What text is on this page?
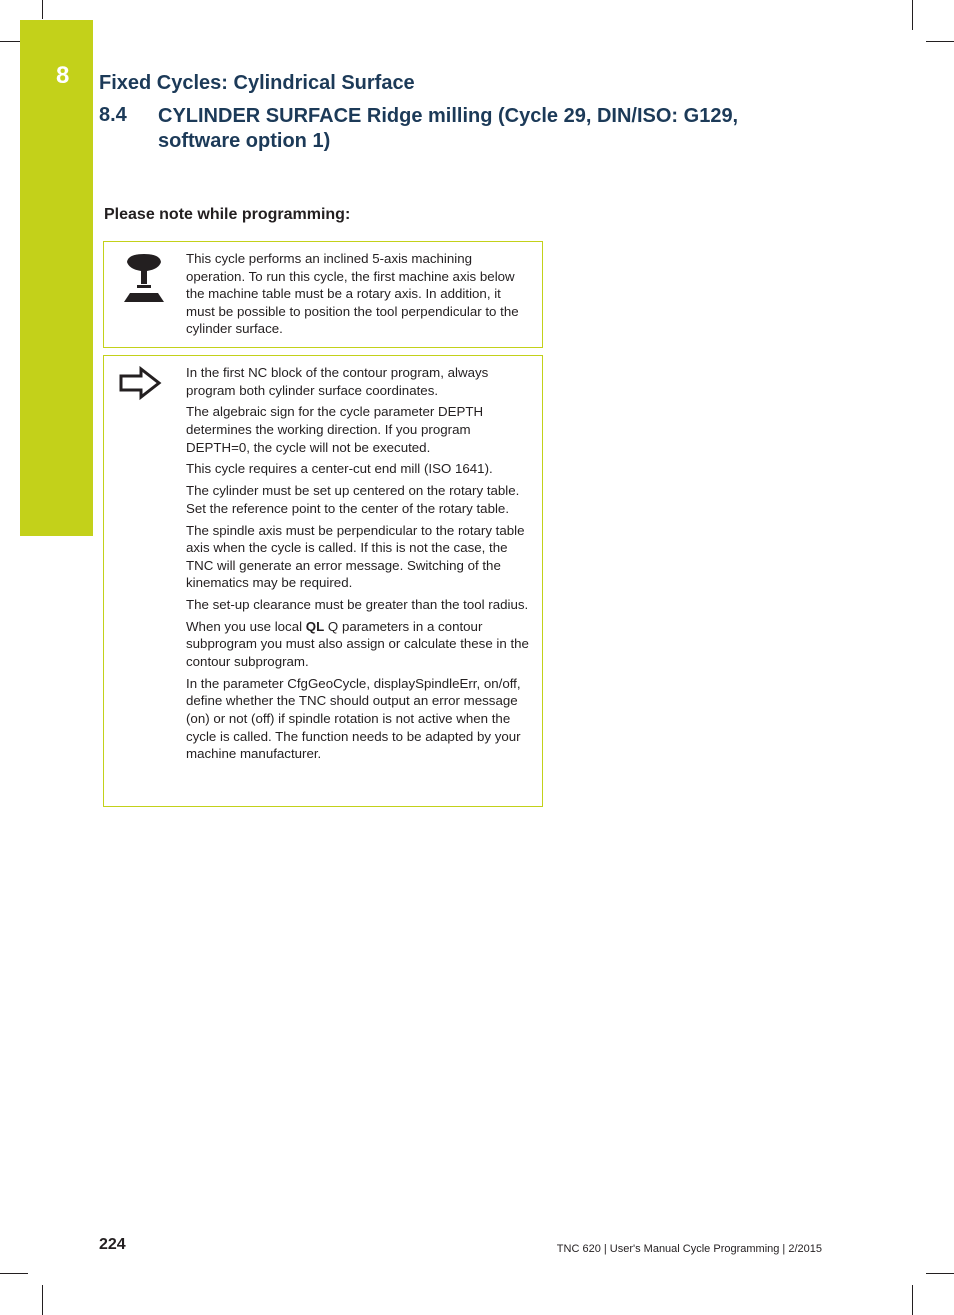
8 Fixed Cycles: Cylindrical Surface
8.4 CYLINDER SURFACE Ridge milling (Cycle 29, DIN/ISO: G129, software option 1)
Please note while programming:

This cycle performs an inclined 5-axis machining operation. To run this cycle, the first machine axis below the machine table must be a rotary axis. In addition, it must be possible to position the tool perpendicular to the cylinder surface.

In the first NC block of the contour program, always program both cylinder surface coordinates.

The algebraic sign for the cycle parameter DEPTH determines the working direction. If you program DEPTH=0, the cycle will not be executed.

This cycle requires a center-cut end mill (ISO 1641).

The cylinder must be set up centered on the rotary table. Set the reference point to the center of the rotary table.

The spindle axis must be perpendicular to the rotary table axis when the cycle is called. If this is not the case, the TNC will generate an error message. Switching of the kinematics may be required.

The set-up clearance must be greater than the tool radius.

When you use local QL Q parameters in a contour subprogram you must also assign or calculate these in the contour subprogram.

In the parameter CfgGeoCycle, displaySpindleErr, on/off, define whether the TNC should output an error message (on) or not (off) if spindle rotation is not active when the cycle is called. The function needs to be adapted by your machine manufacturer.

224	TNC 620 | User's Manual Cycle Programming | 2/2015
